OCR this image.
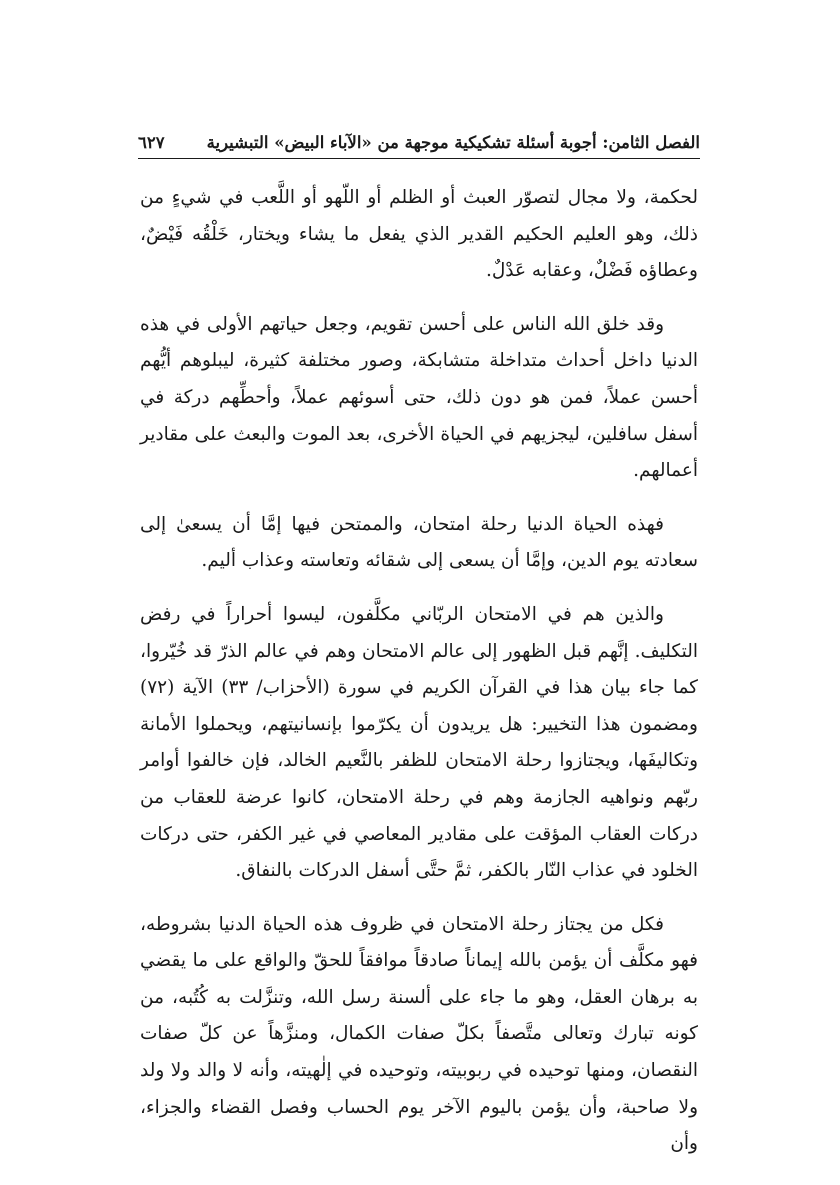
الفصل الثامن: أجوبة أسئلة تشكيكية موجهة من «الآباء البيض» التبشيرية
٦٢٧

لحكمة، ولا مجال لتصوّر العبث أو الظلم أو اللّهو أو اللَّعب في شيءٍ من ذلك، وهو العليم الحكيم القدير الذي يفعل ما يشاء ويختار، خَلْقُه فَيْضٌ، وعطاؤه فَضْلٌ، وعقابه عَدْلٌ.

وقد خلق الله الناس على أحسن تقويم، وجعل حياتهم الأولى في هذه الدنيا داخل أحداث متداخلة متشابكة، وصور مختلفة كثيرة، ليبلوهم أيُّهم أحسن عملاً، فمن هو دون ذلك، حتى أسوئهم عملاً، وأحطِّهم دركة في أسفل سافلين، ليجزيهم في الحياة الأخرى، بعد الموت والبعث على مقادير أعمالهم.

فهذه الحياة الدنيا رحلة امتحان، والممتحن فيها إمَّا أن يسعىٰ إلى سعادته يوم الدين، وإمَّا أن يسعى إلى شقائه وتعاسته وعذاب أليم.

والذين هم في الامتحان الربّاني مكلَّفون، ليسوا أحراراً في رفض التكليف. إنَّهم قبل الظهور إلى عالم الامتحان وهم في عالم الذرّ قد خُيّروا، كما جاء بيان هذا في القرآن الكريم في سورة (الأحزاب/ ٣٣) الآية (٧٢) ومضمون هذا التخيير: هل يريدون أن يكرّموا بإنسانيتهم، ويحملوا الأمانة وتكاليفَها، ويجتازوا رحلة الامتحان للظفر بالنَّعيم الخالد، فإن خالفوا أوامر ربّهم ونواهيه الجازمة وهم في رحلة الامتحان، كانوا عرضة للعقاب من دركات العقاب المؤقت على مقادير المعاصي في غير الكفر، حتى دركات الخلود في عذاب النّار بالكفر، ثمَّ حتَّى أسفل الدركات بالنفاق.

فكل من يجتاز رحلة الامتحان في ظروف هذه الحياة الدنيا بشروطه، فهو مكلَّف أن يؤمن بالله إيماناً صادقاً موافقاً للحقّ والواقع على ما يقضي به برهان العقل، وهو ما جاء على ألسنة رسل الله، وتنزَّلت به كُتُبه، من كونه تبارك وتعالى متَّصفاً بكلّ صفات الكمال، ومنزَّهاً عن كلّ صفات النقصان، ومنها توحيده في ربوبيته، وتوحيده في إلٰهيته، وأنه لا والد ولا ولد ولا صاحبة، وأن يؤمن باليوم الآخر يوم الحساب وفصل القضاء والجزاء، وأن
